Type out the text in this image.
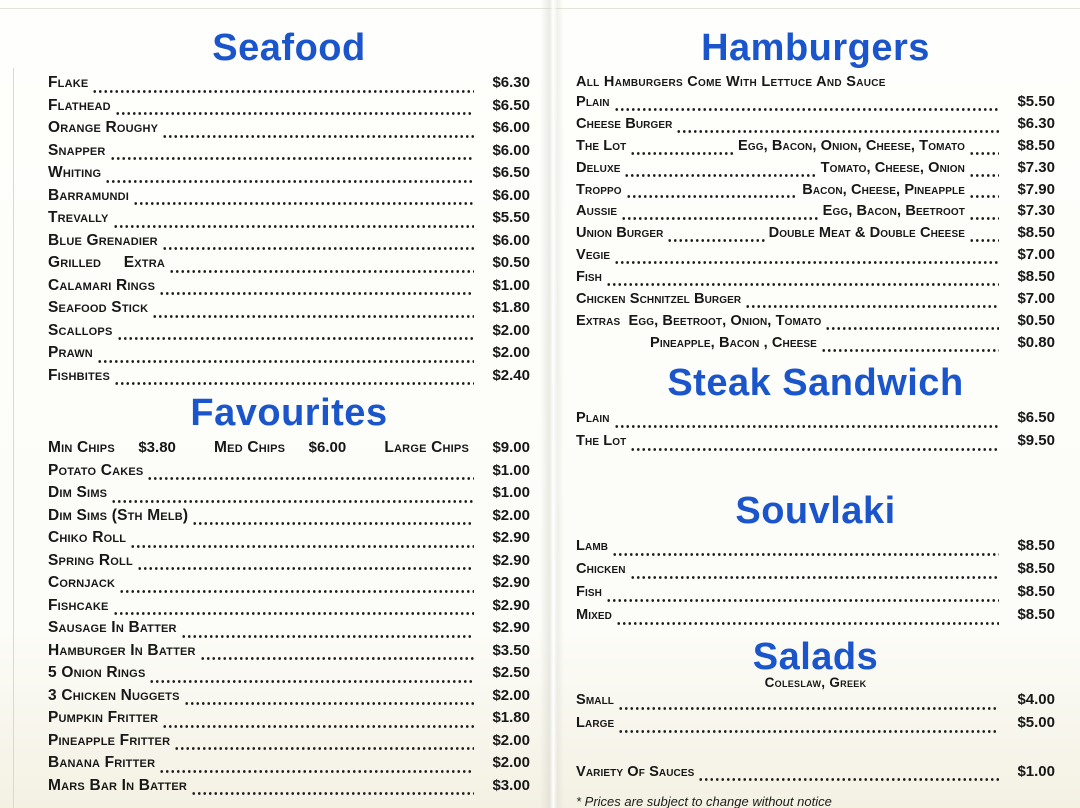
Seafood
Flake	$6.30
Flathead	$6.50
Orange Roughy	$6.00
Snapper	$6.00
Whiting	$6.50
Barramundi	$6.00
Trevally	$5.50
Blue Grenadier	$6.00
Grilled     Extra	$0.50
Calamari Rings	$1.00
Seafood Stick	$1.80
Scallops	$2.00
Prawn	$2.00
Fishbites	$2.40
Favourites
Min Chips	$3.80 Med Chips	$6.00 Large Chips	$9.00
Potato Cakes	$1.00
Dim Sims	$1.00
Dim Sims (Sth Melb)	$2.00
Chiko Roll	$2.90
Spring Roll	$2.90
Cornjack	$2.90
Fishcake	$2.90
Sausage In Batter	$2.90
Hamburger In Batter	$3.50
5 Onion Rings	$2.50
3 Chicken Nuggets	$2.00
Pumpkin Fritter	$1.80
Pineapple Fritter	$2.00
Banana Fritter	$2.00
Mars Bar In Batter	$3.00
Hamburgers
All Hamburgers Come With Lettuce And Sauce
Plain	$5.50
Cheese Burger	$6.30
The Lot	Egg, Bacon, Onion, Cheese, Tomato	$8.50
Deluxe	Tomato, Cheese, Onion	$7.30
Troppo	Bacon, Cheese, Pineapple	$7.90
Aussie	Egg, Bacon, Beetroot	$7.30
Union Burger	Double Meat & Double Cheese	$8.50
Vegie	$7.00
Fish	$8.50
Chicken Schnitzel Burger	$7.00
Extras  Egg, Beetroot, Onion, Tomato	$0.50
Pineapple, Bacon , Cheese	$0.80
Steak Sandwich
Plain	$6.50
The Lot	$9.50
Souvlaki
Lamb	$8.50
Chicken	$8.50
Fish	$8.50
Mixed	$8.50
Salads
Coleslaw, Greek
Small	$4.00
Large	$5.00
Variety Of Sauces	$1.00
* Prices are subject to change without notice
